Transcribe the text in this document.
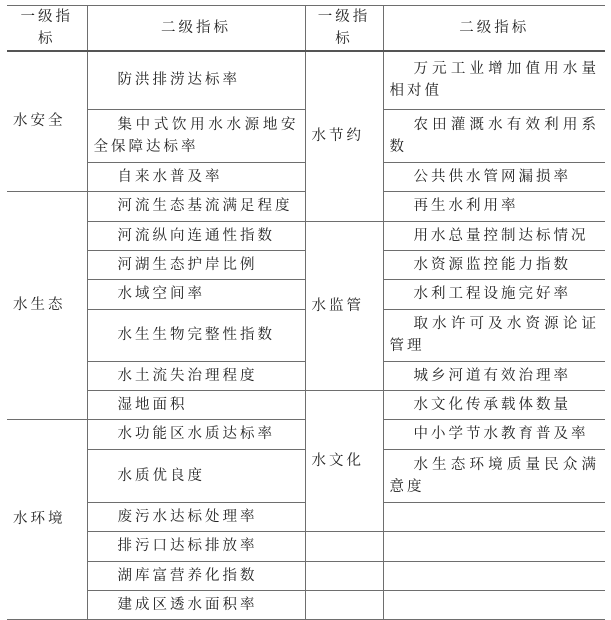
一级指标	二级指标	一级指标	二级指标
水安全	防洪排涝达标率	水节约	万元工业增加值用水量相对值
	集中式饮用水水源地安全保障达标率		农田灌溉水有效利用系数
	自来水普及率		公共供水管网漏损率
水生态	河流生态基流满足程度		再生水利用率
	河流纵向连通性指数	水监管	用水总量控制达标情况
	河湖生态护岸比例		水资源监控能力指数
	水域空间率		水利工程设施完好率
	水生生物完整性指数		取水许可及水资源论证管理
	水土流失治理程度		城乡河道有效治理率
	湿地面积	水文化	水文化传承载体数量
水环境	水功能区水质达标率		中小学节水教育普及率
	水质优良度		水生态环境质量民众满意度
	废污水达标处理率		
	排污口达标排放率		
	湖库富营养化指数		
	建成区透水面积率		
